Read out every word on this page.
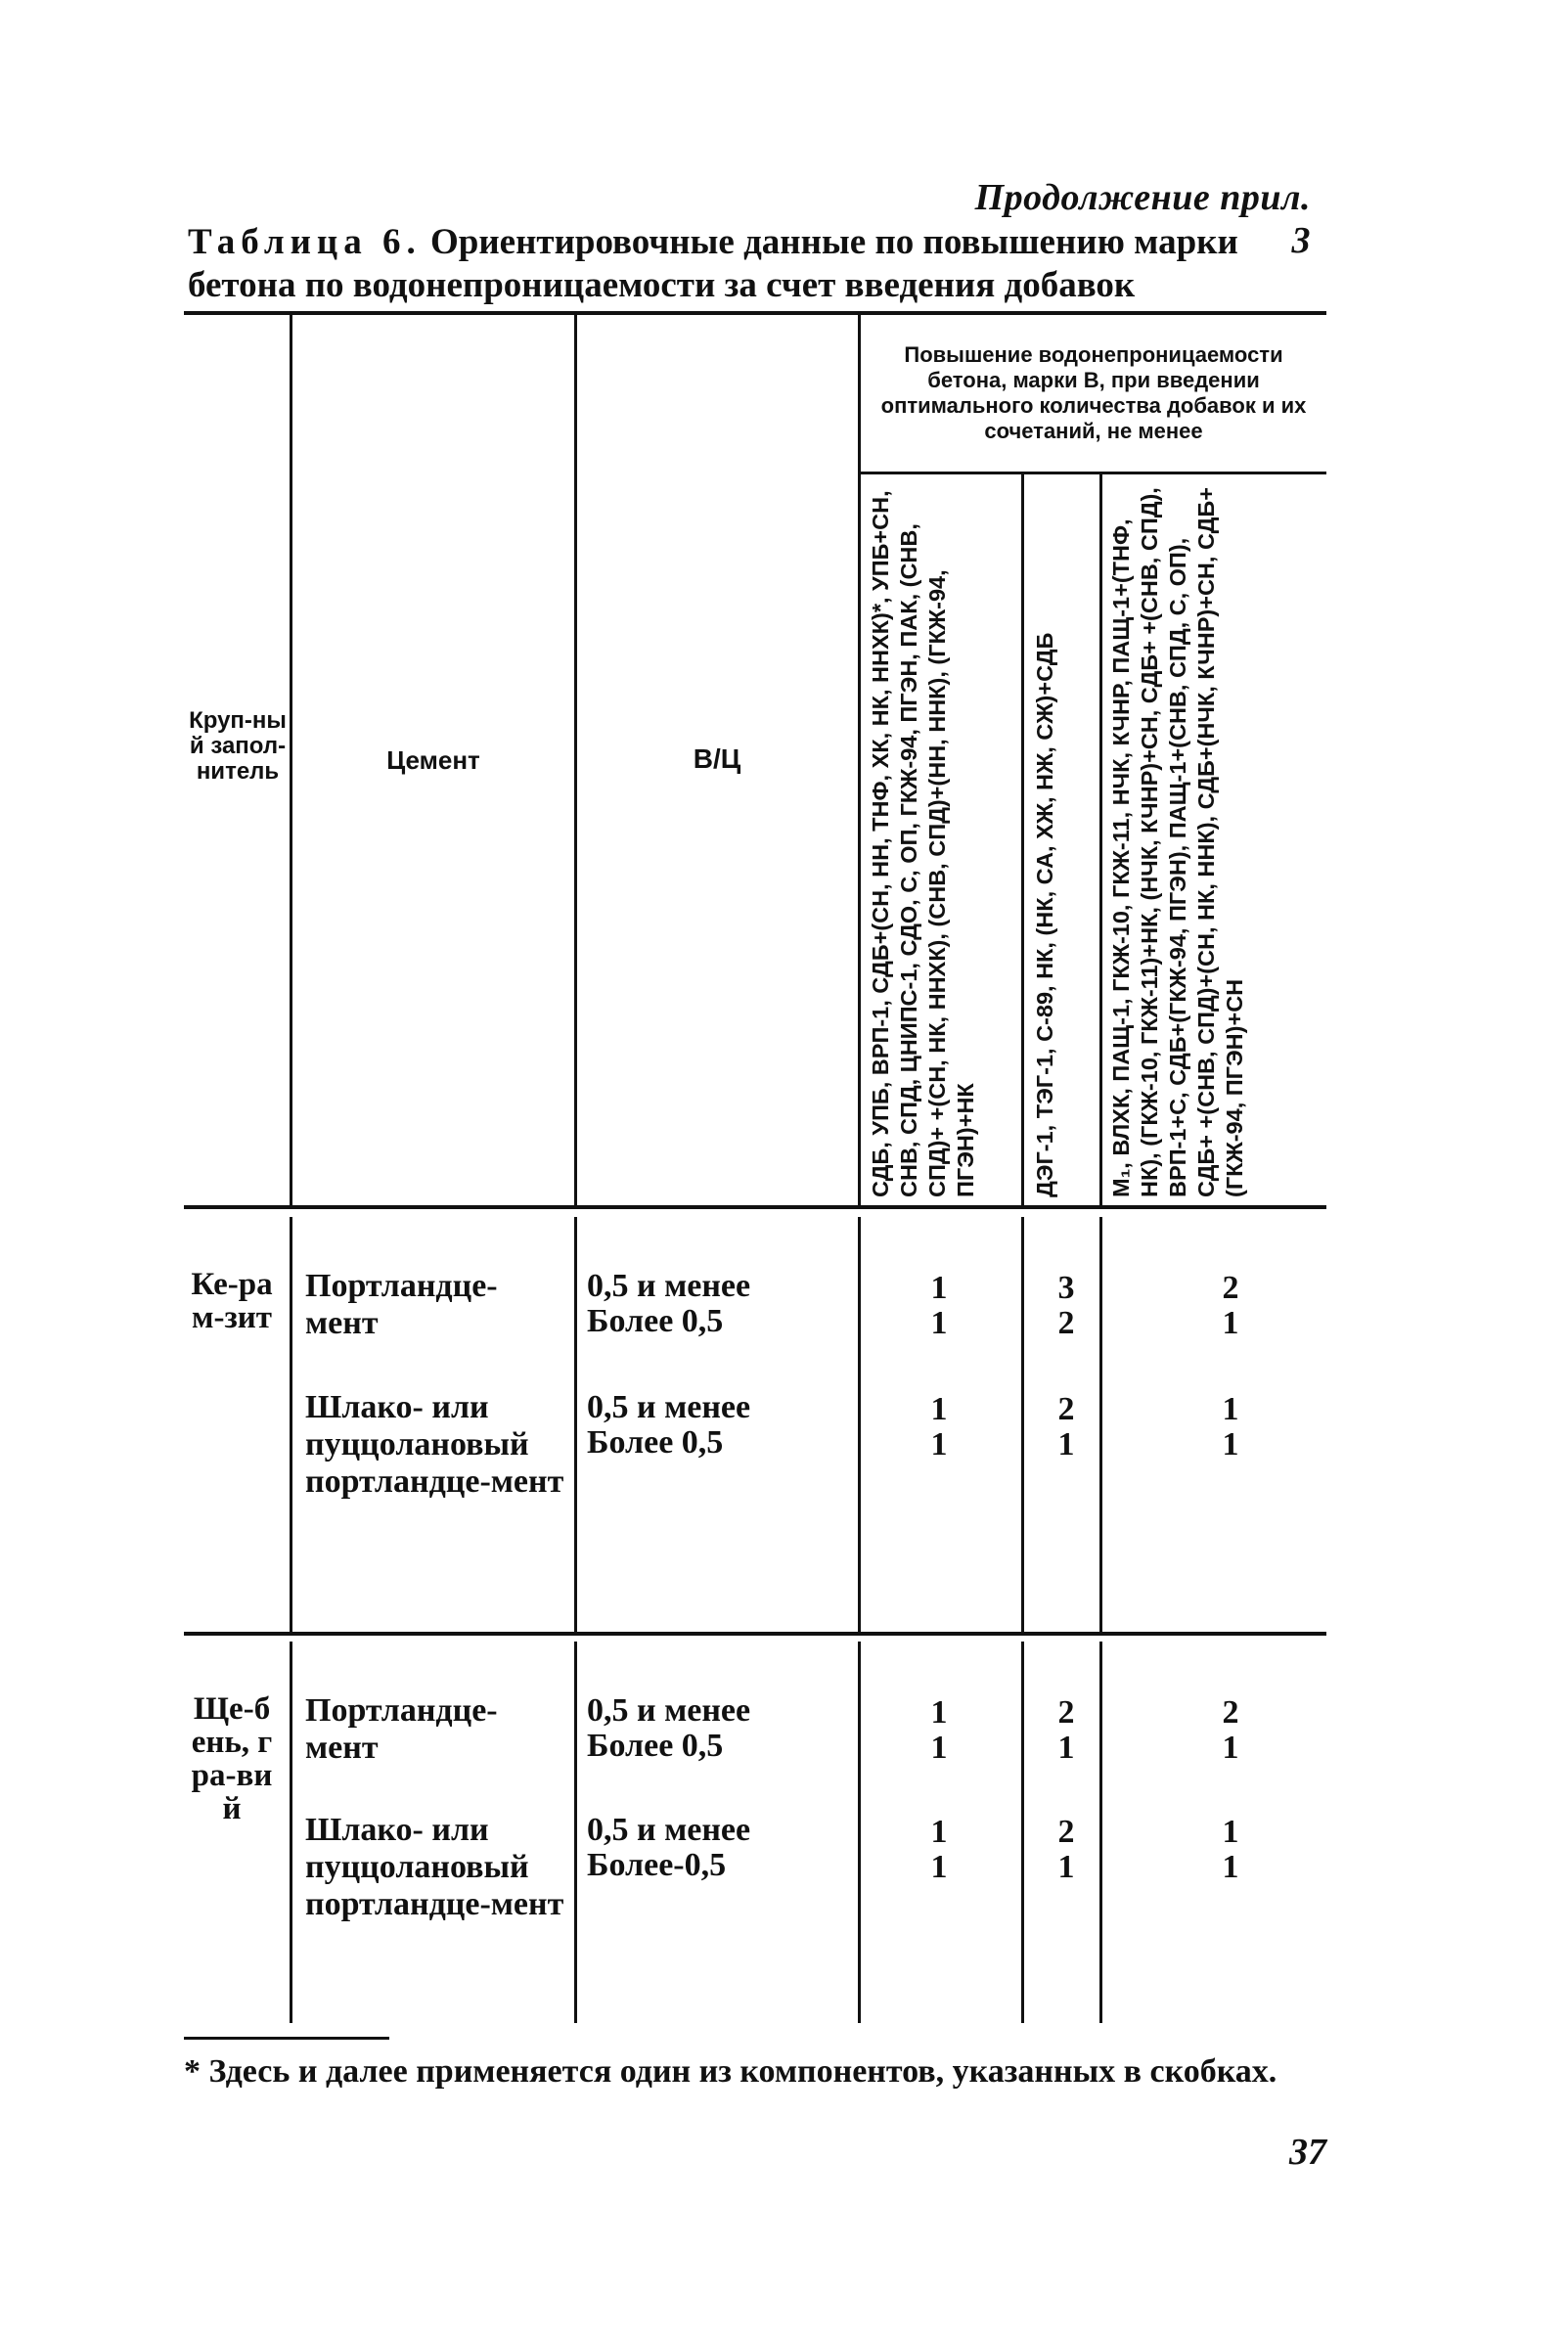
Продолжение прил. 3
Таблица 6. Ориентировочные данные по повышению марки бетона по водонепроницаемости за счет введения добавок
Круп-ный запол-нитель	Цемент	В/Ц
Повышение водонепроницаемости бетона, марки В, при введении оптимального количества добавок и их сочетаний, не менее
СДБ, УПБ, ВРП-1, СДБ+(СН, НН, ТНФ, ХК, НК, ННХК)*, УПБ+СН, СНВ, СПД, ЦНИПС-1, СДО, С, ОП, ГКЖ-94, ПГЭН, ПАК, (СНВ, СПД)+ +(СН, НК, ННХК), (СНВ, СПД)+(НН, ННК), (ГКЖ-94, ПГЭН)+НК ДЭГ-1, ТЭГ-1, С-89, НК, (НК, СА, ХЖ, НЖ, СЖ)+СДБ М₁, ВЛХК, ПАЩ-1, ГКЖ-10, ГКЖ-11, НЧК, КЧНР, ПАЩ-1+(ТНФ, НК), (ГКЖ-10, ГКЖ-11)+НК, (НЧК, КЧНР)+СН, СДБ+ +(СНВ, СПД), ВРП-1+С, СДБ+(ГКЖ-94, ПГЭН), ПАЩ-1+(СНВ, СПД, С, ОП), СДБ+ +(СНВ, СПД)+(СН, НК, ННК), СДБ+(НЧК, КЧНР)+СН, СДБ+(ГКЖ-94, ПГЭН)+СН
Ке-рам-зит
Портландце-мент
0,5 и менее
Более 0,5
1
1
3
2
2
1
Шлако- или пуццолановый портландце-мент
0,5 и менее
Более 0,5
1
1
2
1
1
1
Ще-бень, гра-вий
Портландце-мент
0,5 и менее
Более 0,5
1
1
2
1
2
1
Шлако- или пуццолановый портландце-мент
0,5 и менее
Более-0,5
1
1
2
1
1
1
* Здесь и далее применяется один из компонентов, указанных в скобках.
37
